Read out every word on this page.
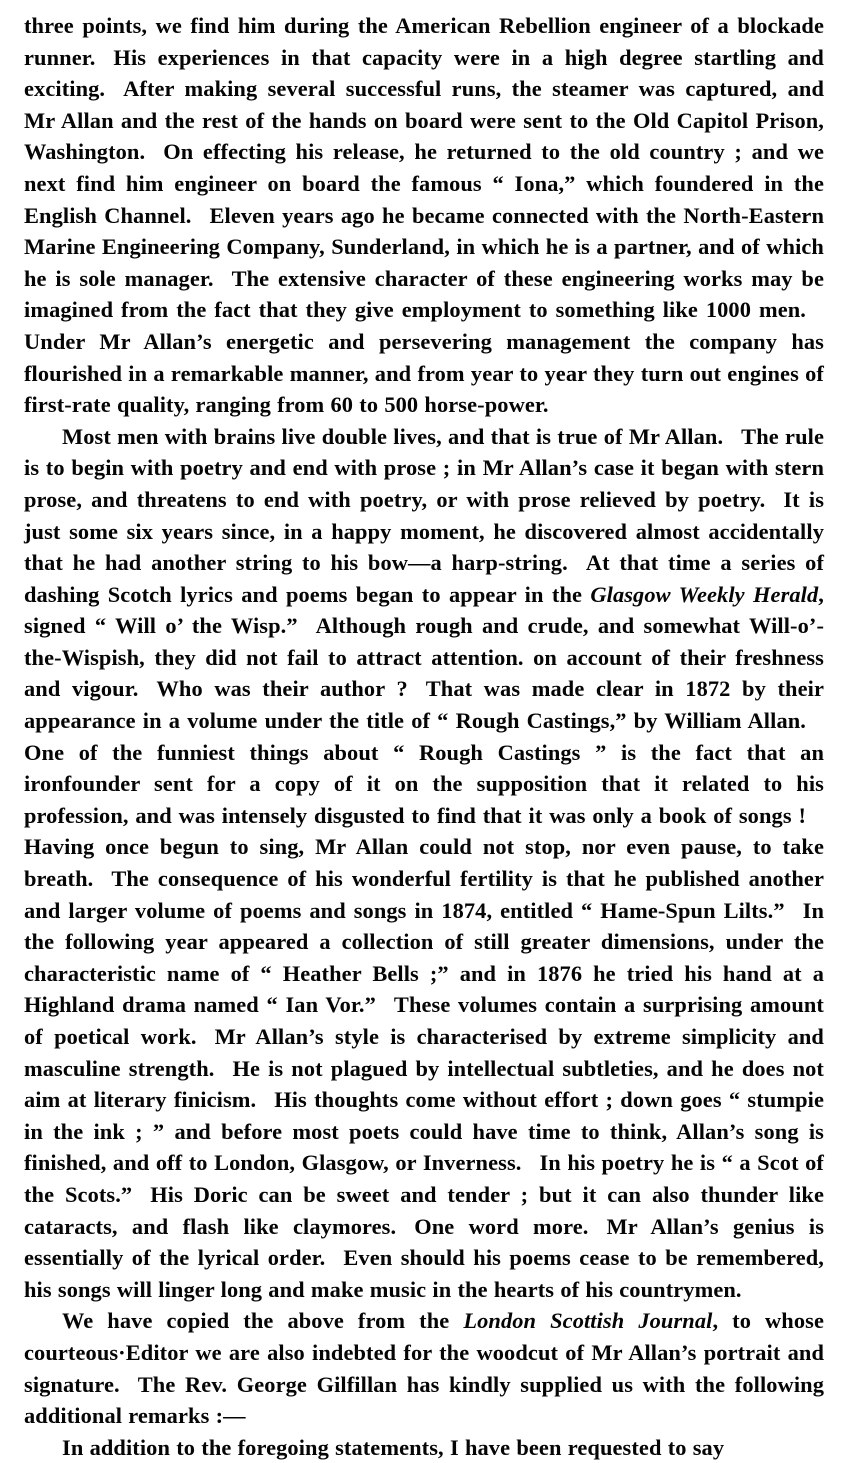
three points, we find him during the American Rebellion engineer of a blockade runner. His experiences in that capacity were in a high degree startling and exciting. After making several successful runs, the steamer was captured, and Mr Allan and the rest of the hands on board were sent to the Old Capitol Prison, Washington. On effecting his release, he returned to the old country ; and we next find him engineer on board the famous “ Iona,” which foundered in the English Channel. Eleven years ago he became connected with the North-Eastern Marine Engineering Company, Sunderland, in which he is a partner, and of which he is sole manager. The extensive character of these engineering works may be imagined from the fact that they give employment to something like 1000 men.Under Mr Allan’s energetic and persevering management the company has flourished in a remarkable manner, and from year to year they turn out engines of first-rate quality, ranging from 60 to 500 horse-power.

Most men with brains live double lives, and that is true of Mr Allan. The rule is to begin with poetry and end with prose ; in Mr Allan’s case it began with stern prose, and threatens to end with poetry, or with prose relieved by poetry. It is just some six years since, in a happy moment, he discovered almost accidentally that he had another string to his bow—a harp-string. At that time a series of dashing Scotch lyrics and poems began to appear in the Glasgow Weekly Herald, signed “ Will o’ the Wisp.” Although rough and crude, and somewhat Will-o’-the-Wispish, they did not fail to attract attention. on account of their freshness and vigour. Who was their author ? That was made clear in 1872 by their appearance in a volume under the title of “ Rough Castings,” by William Allan.One of the funniest things about “ Rough Castings ” is the fact that an ironfounder sent for a copy of it on the supposition that it related to his profession, and was intensely disgusted to find that it was only a book of songs !Having once begun to sing, Mr Allan could not stop, nor even pause, to take breath. The consequence of his wonderful fertility is that he published another and larger volume of poems and songs in 1874, entitled “ Hame-Spun Lilts.” In the following year appeared a collection of still greater dimensions, under the characteristic name of “ Heather Bells ;” and in 1876 he tried his hand at a Highland drama named “ Ian Vor.” These volumes contain a surprising amount of poetical work. Mr Allan’s style is characterised by extreme simplicity and masculine strength. He is not plagued by intellectual subtleties, and he does not aim at literary finicism. His thoughts come without effort ; down goes “ stumpie in the ink ; ” and before most poets could have time to think, Allan’s song is finished, and off to London, Glasgow, or Inverness. In his poetry he is “ a Scot of the Scots.” His Doric can be sweet and tender ; but it can also thunder like cataracts, and flash like claymores. One word more. Mr Allan’s genius is essentially of the lyrical order. Even should his poems cease to be remembered, his songs will linger long and make music in the hearts of his countrymen.

We have copied the above from the London Scottish Journal, to whose courteous·Editor we are also indebted for the woodcut of Mr Allan’s portrait and signature. The Rev. George Gilfillan has kindly supplied us with the following additional remarks :—

In addition to the foregoing statements, I have been requested to say
